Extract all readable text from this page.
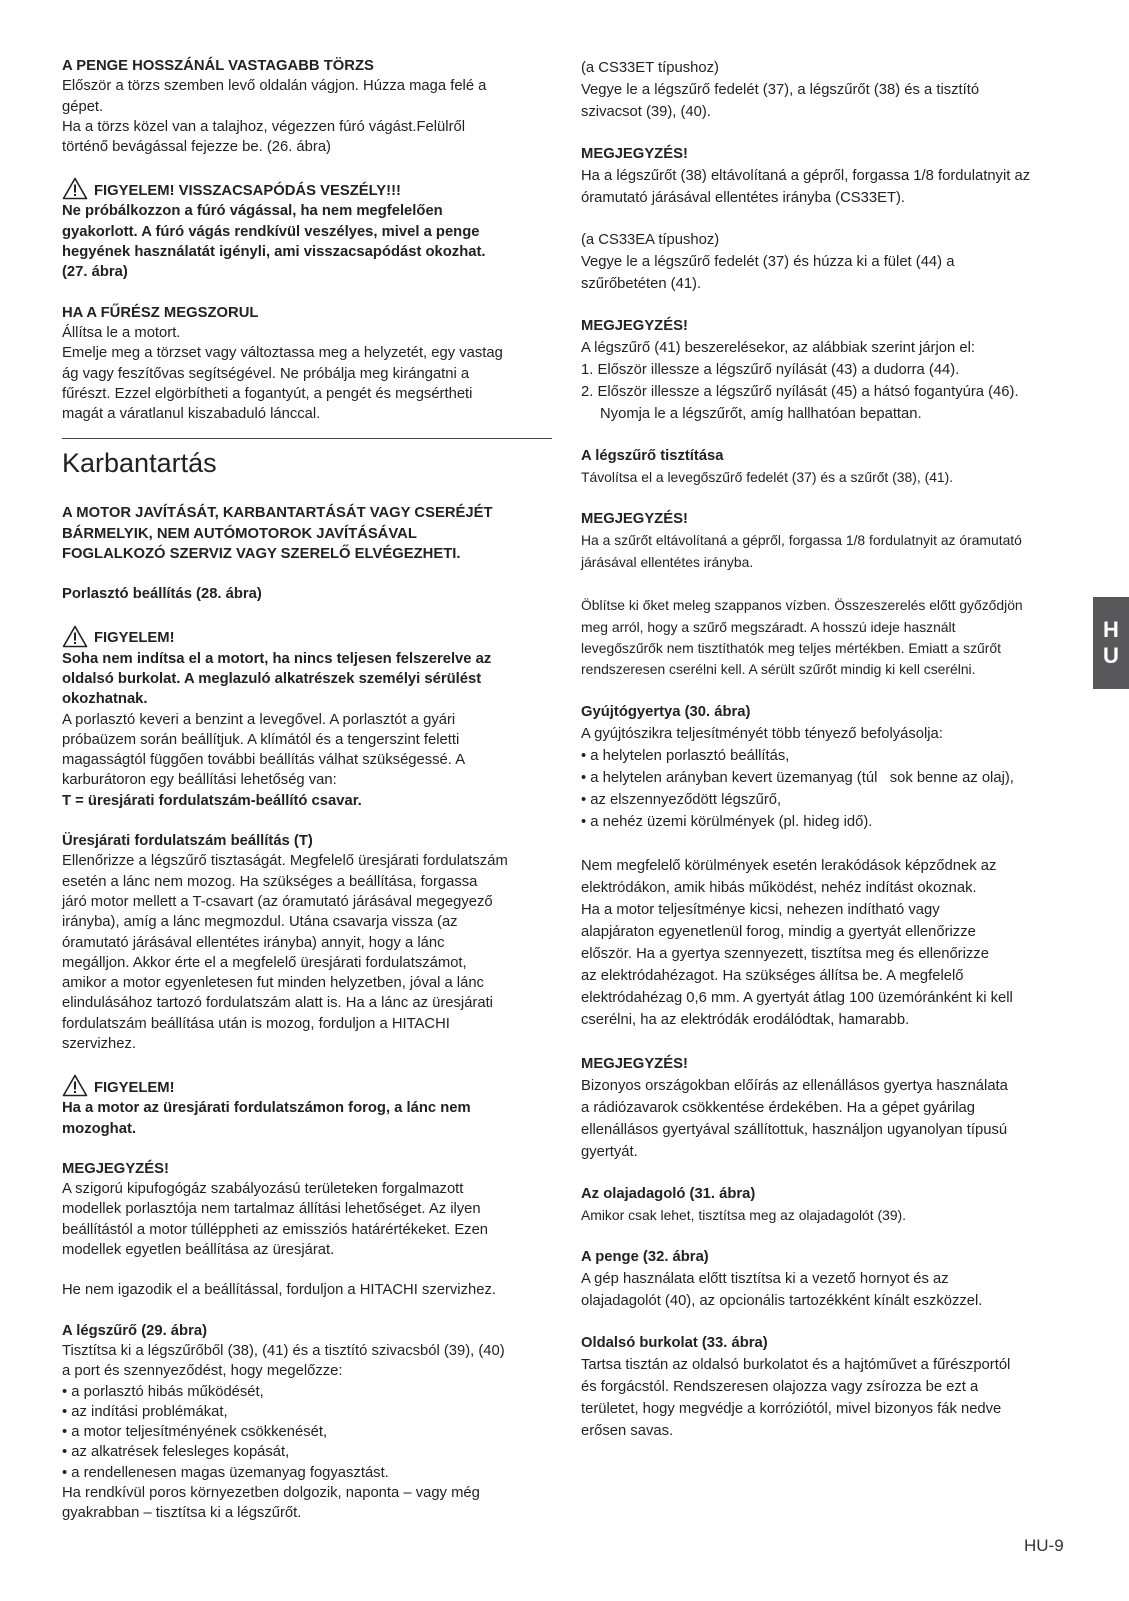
A PENGE HOSSZÁNÁL VASTAGABB TÖRZS

Először a törzs szemben levő oldalán vágjon. Húzza maga felé a

gépet.

Ha a törzs közel van a talajhoz, végezzen fúró vágást.Felülről

történő bevágással fejezze be. (26. ábra)

FIGYELEM! VISSZACSAPÓDÁS VESZÉLY!!!

Ne próbálkozzon a fúró vágással, ha nem megfelelően

gyakorlott. A fúró vágás rendkívül veszélyes, mivel a penge

hegyének használatát igényli, ami visszacsapódást okozhat.

(27. ábra)

HA A FŰRÉSZ MEGSZORUL

Állítsa le a motort.

Emelje meg a törzset vagy változtassa meg a helyzetét, egy vastag

ág vagy feszítővas segítségével. Ne próbálja meg kirángatni a

fűrészt. Ezzel elgörbítheti a fogantyút, a pengét és megsértheti

magát a váratlanul kiszabaduló lánccal.

Karbantartás

A MOTOR JAVÍTÁSÁT, KARBANTARTÁSÁT VAGY CSERÉJÉT

BÁRMELYIK, NEM AUTÓMOTOROK JAVÍTÁSÁVAL

FOGLALKOZÓ SZERVIZ VAGY SZERELŐ ELVÉGEZHETI.

Porlasztó beállítás (28. ábra)

FIGYELEM!

Soha nem indítsa el a motort, ha nincs teljesen felszerelve az

oldalsó burkolat. A meglazuló alkatrészek személyi sérülést

okozhatnak.

A porlasztó keveri a benzint a levegővel. A porlasztót a gyári

próbaüzem során beállítjuk. A klímától és a tengerszint feletti

magasságtól függően további beállítás válhat szükségessé. A

karburátoron egy beállítási lehetőség van:

T = üresjárati fordulatszám-beállító csavar.

Üresjárati fordulatszám beállítás (T)

Ellenőrizze a légszűrő tisztaságát. Megfelelő üresjárati fordulatszám

esetén a lánc nem mozog. Ha szükséges a beállítása, forgassa

járó motor mellett a T-csavart (az óramutató járásával megegyező

irányba), amíg a lánc megmozdul. Utána csavarja vissza (az

óramutató járásával ellentétes irányba) annyit, hogy a lánc

megálljon. Akkor érte el a megfelelő üresjárati fordulatszámot,

amikor a motor egyenletesen fut minden helyzetben, jóval a lánc

elindulásához tartozó fordulatszám alatt is. Ha a lánc az üresjárati

fordulatszám beállítása után is mozog, forduljon a HITACHI

szervizhez.

FIGYELEM!

Ha a motor az üresjárati fordulatszámon forog, a lánc nem

mozoghat.

MEGJEGYZÉS!

A szigorú kipufogógáz szabályozású területeken forgalmazott

modellek porlasztója nem tartalmaz állítási lehetőséget. Az ilyen

beállítástól a motor túlléppheti az emissziós határértékeket. Ezen

modellek egyetlen beállítása az üresjárat.

He nem igazodik el a beállítással, forduljon a HITACHI szervizhez.

A légszűrő (29. ábra)

Tisztítsa ki a légszűrőből (38), (41) és a tisztító szivacsból (39), (40)

a port és szennyeződést, hogy megelőzze:

• a porlasztó hibás működését,

• az indítási problémákat,

• a motor teljesítményének csökkenését,

• az alkatrések felesleges kopását,

• a rendellenesen magas üzemanyag fogyasztást.

Ha rendkívül poros környezetben dolgozik, naponta – vagy még

gyakrabban – tisztítsa ki a légszűrőt.

(a CS33ET típushoz)

Vegye le a légszűrő fedelét (37), a légszűrőt (38) és a tisztító

szivacsot (39), (40).

MEGJEGYZÉS!

Ha a légszűrőt (38) eltávolítaná a gépről, forgassa 1/8 fordulatnyit az

óramutató járásával ellentétes irányba (CS33ET).

(a CS33EA típushoz)

Vegye le a légszűrő fedelét (37) és húzza ki a fület (44) a

szűrőbetéten (41).

MEGJEGYZÉS!

A légszűrő (41) beszerelésekor, az alábbiak szerint járjon el:

1. Először illessze a légszűrő nyílását (43) a dudorra (44).

2. Először illessze a légszűrő nyílását (45) a hátsó fogantyúra (46).

Nyomja le a légszűrőt, amíg hallhatóan bepattan.

A légszűrő tisztítása

Távolítsa el a levegőszűrő fedelét (37) és a szűrőt (38), (41).

MEGJEGYZÉS!

Ha a szűrőt eltávolítaná a gépről, forgassa 1/8 fordulatnyit az óramutató

járásával ellentétes irányba.

Öblítse ki őket meleg szappanos vízben. Összeszerelés előtt győződjön

meg arról, hogy a szűrő megszáradt. A hosszú ideje használt

levegőszűrők nem tisztíthatók meg teljes mértékben. Emiatt a szűrőt

rendszeresen cserélni kell. A sérült szűrőt mindig ki kell cserélni.

Gyújtógyertya (30. ábra)

A gyújtószikra teljesítményét több tényező befolyásolja:

• a helytelen porlasztó beállítás,

• a helytelen arányban kevert üzemanyag (túl   sok benne az olaj),

• az elszennyeződött légszűrő,

• a nehéz üzemi körülmények (pl. hideg idő).

Nem megfelelő körülmények esetén lerakódások képződnek az

elektródákon, amik hibás működést, nehéz indítást okoznak.

Ha a motor teljesítménye kicsi, nehezen indítható vagy

alapjáraton egyenetlenül forog, mindig a gyertyát ellenőrizze

először. Ha a gyertya szennyezett, tisztítsa meg és ellenőrizze

az elektródahézagot. Ha szükséges állítsa be. A megfelelő

elektródahézag 0,6 mm. A gyertyát átlag 100 üzemóránként ki kell

cserélni, ha az elektródák erodálódtak, hamarabb.

MEGJEGYZÉS!

Bizonyos országokban előírás az ellenállásos gyertya használata

a rádiózavarok csökkentése érdekében. Ha a gépet gyárilag

ellenállásos gyertyával szállítottuk, használjon ugyanolyan típusú

gyertyát.

Az olajadagoló (31. ábra)

Amikor csak lehet, tisztítsa meg az olajadagolót (39).

A penge (32. ábra)

A gép használata előtt tisztítsa ki a vezető hornyot és az

olajadagolót (40), az opcionális tartozékként kínált eszközzel.

Oldalsó burkolat (33. ábra)

Tartsa tisztán az oldalsó burkolatot és a hajtóművet a fűrészportól

és forgácstól. Rendszeresen olajozza vagy zsírozza be ezt a

területet, hogy megvédje a korróziótól, mivel bizonyos fák nedve

erősen savas.

H
U
HU-9
